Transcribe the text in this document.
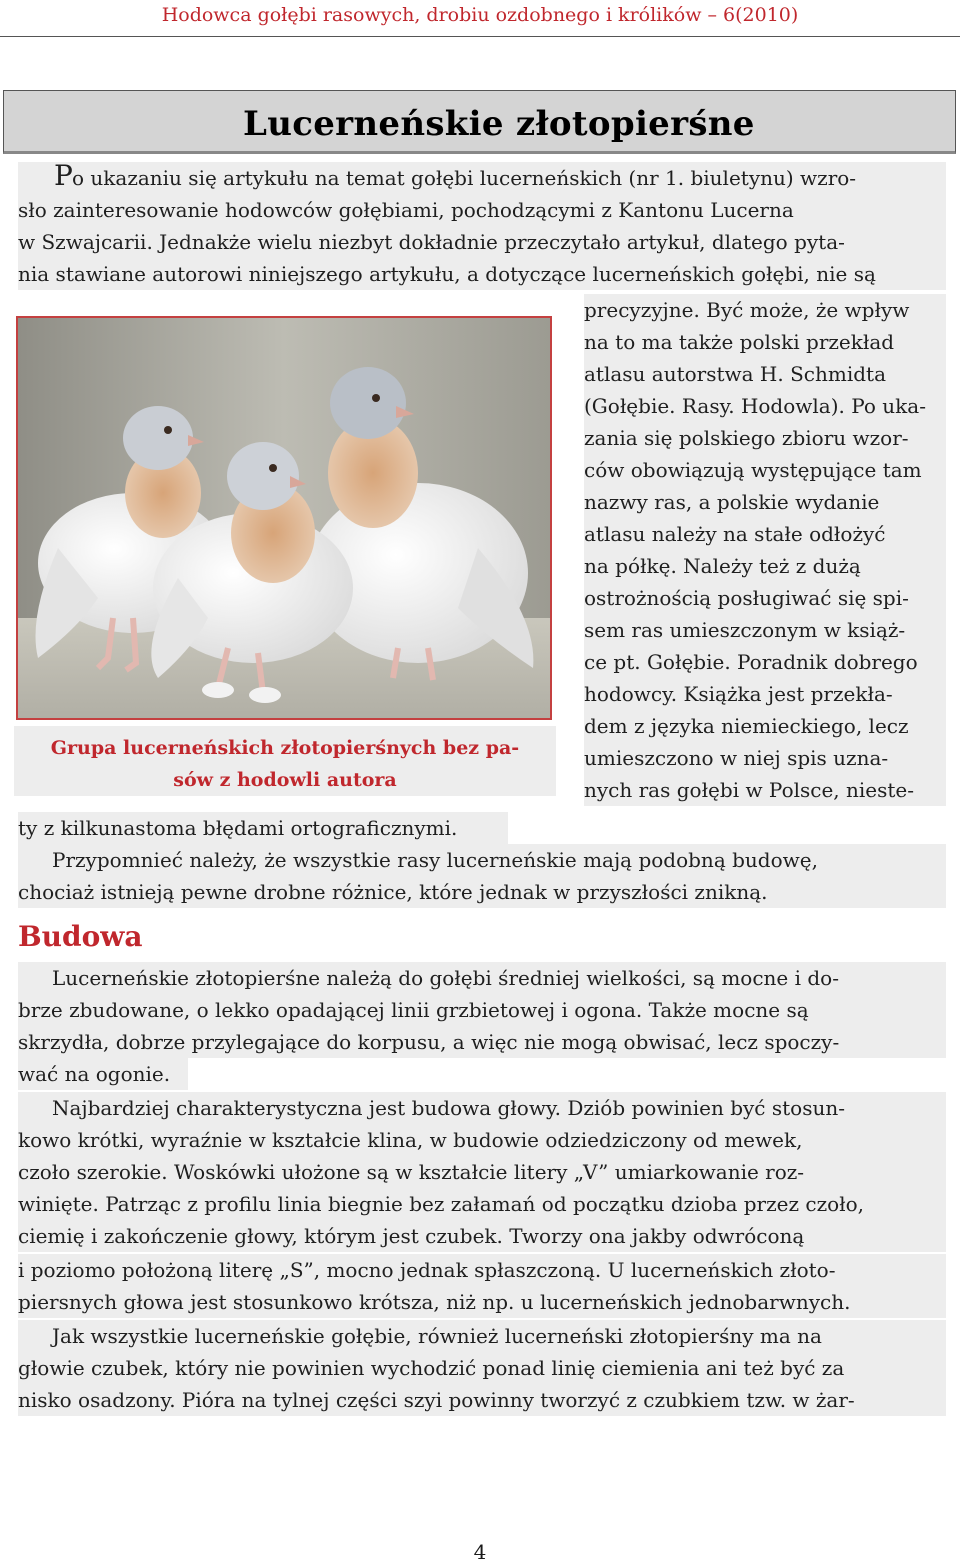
Hodowca gołębi rasowych, drobiu ozdobnego i królików – 6(2010)
Lucerneńskie złotopierśne
P o ukazaniu się artykułu na temat gołębi lucerneńskich (nr 1. biuletynu) wzro-
sło zainteresowanie hodowców gołębiami, pochodzącymi z Kantonu Lucerna
w Szwajcarii. Jednakże wielu niezbyt dokładnie przeczytało artykuł, dlatego pyta-
nia stawiane autorowi niniejszego artykułu, a dotyczące lucerneńskich gołębi, nie są
Grupa lucerneńskich złotopierśnych bez pa-
sów z hodowli autora
precyzyjne. Być może, że wpływ
na to ma także polski przekład
atlasu autorstwa H. Schmidta
(Gołębie. Rasy. Hodowla). Po uka-
zania się polskiego zbioru wzor-
ców obowiązują występujące tam
nazwy ras, a polskie wydanie
atlasu należy na stałe odłożyć
na półkę. Należy też z dużą
ostrożnością posługiwać się spi-
sem ras umieszczonym w książ-
ce pt. Gołębie. Poradnik dobrego
hodowcy. Książka jest przekła-
dem z języka niemieckiego, lecz
umieszczono w niej spis uzna-
nych ras gołębi w Polsce, nieste-
ty z kilkunastoma błędami ortograficznymi.
Przypomnieć należy, że wszystkie rasy lucerneńskie mają podobną budowę,
chociaż istnieją pewne drobne różnice, które jednak w przyszłości znikną.
Budowa
Lucerneńskie złotopierśne należą do gołębi średniej wielkości, są mocne i do-
brze zbudowane, o lekko opadającej linii grzbietowej i ogona. Także mocne są
skrzydła, dobrze przylegające do korpusu, a więc nie mogą obwisać, lecz spoczy-
wać na ogonie.
Najbardziej charakterystyczna jest budowa głowy. Dziób powinien być stosun-
kowo krótki, wyraźnie w kształcie klina, w budowie odziedziczony od mewek,
czoło szerokie. Woskówki ułożone są w kształcie litery „V” umiarkowanie roz-
winięte. Patrząc z profilu linia biegnie bez załamań od początku dzioba przez czoło,
ciemię i zakończenie głowy, którym jest czubek. Tworzy ona jakby odwróconą
i poziomo położoną literę „S”, mocno jednak spłaszczoną. U lucerneńskich złoto-
piersnych głowa jest stosunkowo krótsza, niż np. u lucerneńskich jednobarwnych.
Jak wszystkie lucerneńskie gołębie, również lucerneński złotopierśny ma na
głowie czubek, który nie powinien wychodzić ponad linię ciemienia ani też być za
nisko osadzony. Pióra na tylnej części szyi powinny tworzyć z czubkiem tzw. w żar-
4
